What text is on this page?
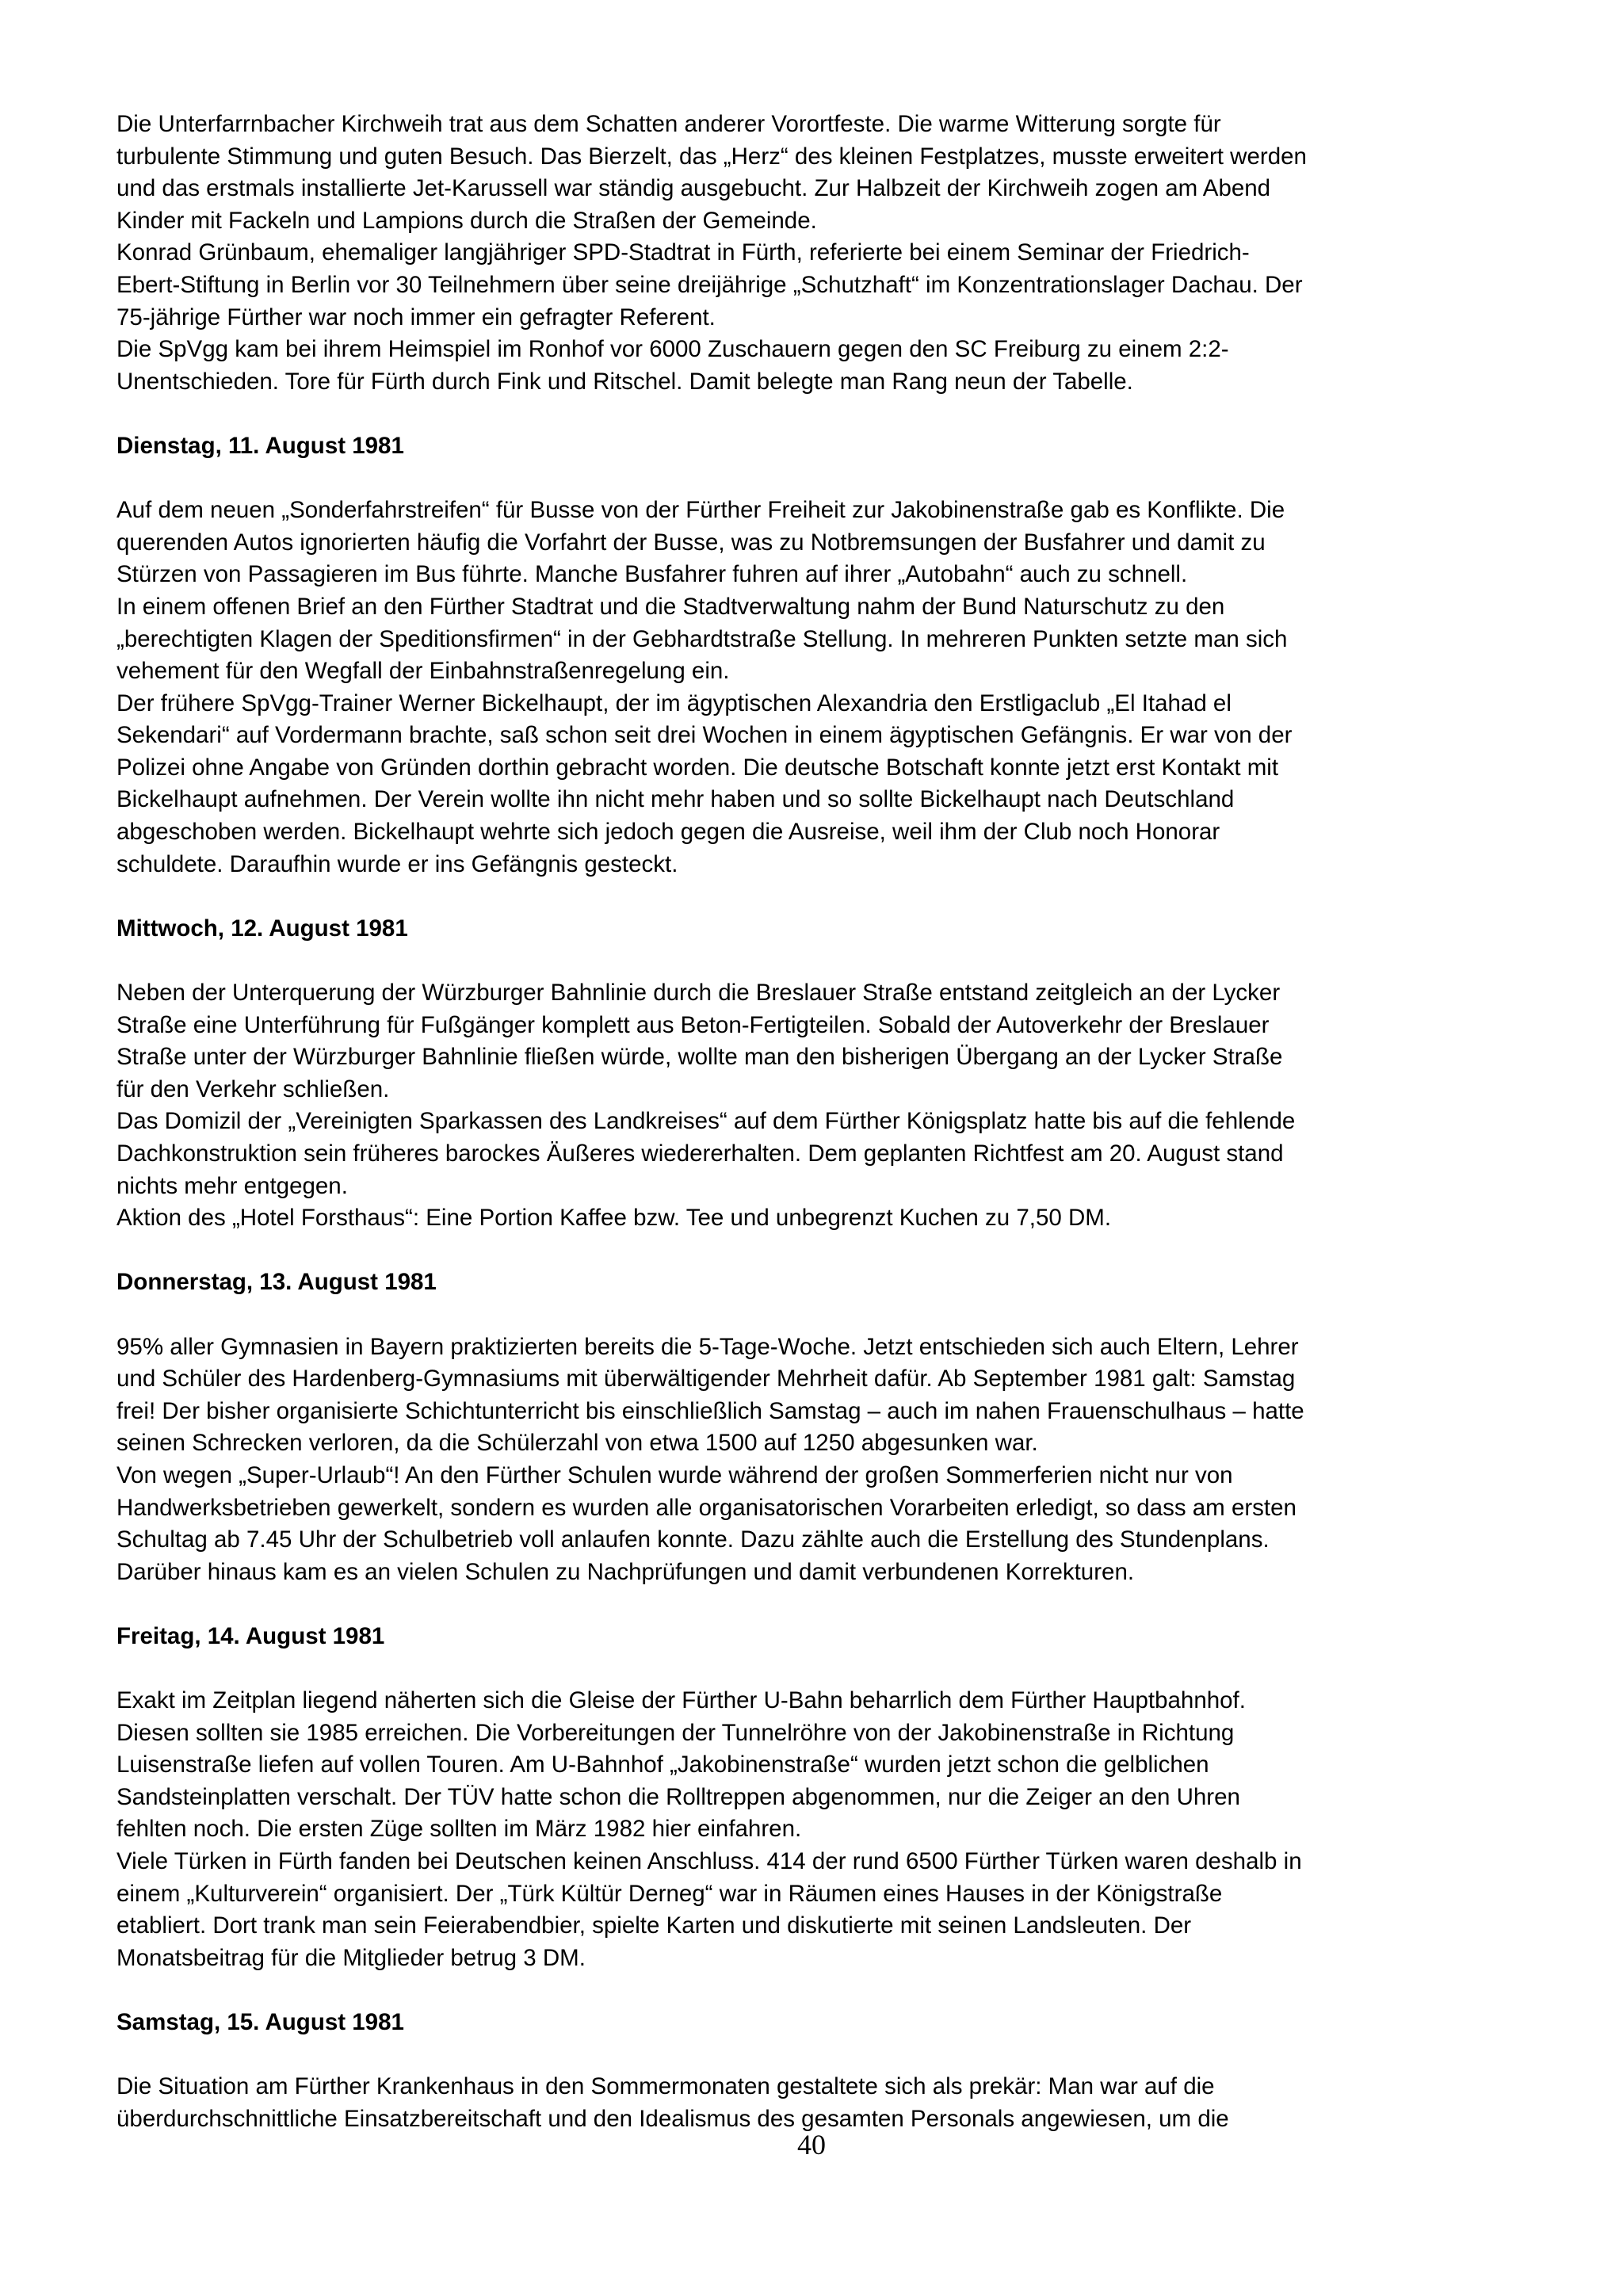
Die Unterfarrnbacher Kirchweih trat aus dem Schatten anderer Vorortfeste. Die warme Witterung sorgte für
turbulente Stimmung und guten Besuch. Das Bierzelt, das „Herz“ des kleinen Festplatzes, musste erweitert werden
und das erstmals installierte Jet-Karussell war ständig ausgebucht. Zur Halbzeit der Kirchweih zogen am Abend
Kinder mit Fackeln und Lampions durch die Straßen der Gemeinde.
Konrad Grünbaum, ehemaliger langjähriger SPD-Stadtrat in Fürth, referierte bei einem Seminar der Friedrich-
Ebert-Stiftung in Berlin vor 30 Teilnehmern über seine dreijährige „Schutzhaft“ im Konzentrationslager Dachau. Der
75-jährige Fürther war noch immer ein gefragter Referent.
Die SpVgg kam bei ihrem Heimspiel im Ronhof vor 6000 Zuschauern gegen den SC Freiburg zu einem 2:2-
Unentschieden. Tore für Fürth durch Fink und Ritschel. Damit belegte man Rang neun der Tabelle.
Dienstag, 11. August 1981
Auf dem neuen „Sonderfahrstreifen“ für Busse von der Fürther Freiheit zur Jakobinenstraße gab es Konflikte. Die
querenden Autos ignorierten häufig die Vorfahrt der Busse, was zu Notbremsungen der Busfahrer und damit zu
Stürzen von Passagieren im Bus führte. Manche Busfahrer fuhren auf ihrer „Autobahn“ auch zu schnell.
In einem offenen Brief an den Fürther Stadtrat und die Stadtverwaltung nahm der Bund Naturschutz zu den
„berechtigten Klagen der Speditionsfirmen“ in der Gebhardtstraße Stellung. In mehreren Punkten setzte man sich
vehement für den Wegfall der Einbahnstraßenregelung ein.
Der frühere SpVgg-Trainer Werner Bickelhaupt, der im ägyptischen Alexandria den Erstligaclub „El Itahad el
Sekendari“ auf Vordermann brachte, saß schon seit drei Wochen in einem ägyptischen Gefängnis. Er war von der
Polizei ohne Angabe von Gründen dorthin gebracht worden. Die deutsche Botschaft konnte jetzt erst Kontakt mit
Bickelhaupt aufnehmen. Der Verein wollte ihn nicht mehr haben und so sollte Bickelhaupt nach Deutschland
abgeschoben werden. Bickelhaupt wehrte sich jedoch gegen die Ausreise, weil ihm der Club noch Honorar
schuldete. Daraufhin wurde er ins Gefängnis gesteckt.
Mittwoch, 12. August 1981
Neben der Unterquerung der Würzburger Bahnlinie durch die Breslauer Straße entstand zeitgleich an der Lycker
Straße eine Unterführung für Fußgänger komplett aus Beton-Fertigteilen. Sobald der Autoverkehr der Breslauer
Straße unter der Würzburger Bahnlinie fließen würde, wollte man den bisherigen Übergang an der Lycker Straße
für den Verkehr schließen.
Das Domizil der „Vereinigten Sparkassen des Landkreises“ auf dem Fürther Königsplatz hatte bis auf die fehlende
Dachkonstruktion sein früheres barockes Äußeres wiedererhalten. Dem geplanten Richtfest am 20. August stand
nichts mehr entgegen.
Aktion des „Hotel Forsthaus“: Eine Portion Kaffee bzw. Tee und unbegrenzt Kuchen zu 7,50 DM.
Donnerstag, 13. August 1981
95% aller Gymnasien in Bayern praktizierten bereits die 5-Tage-Woche. Jetzt entschieden sich auch Eltern, Lehrer
und Schüler des Hardenberg-Gymnasiums mit überwältigender Mehrheit dafür. Ab September 1981 galt: Samstag
frei! Der bisher organisierte Schichtunterricht bis einschließlich Samstag – auch im nahen Frauenschulhaus – hatte
seinen Schrecken verloren, da die Schülerzahl von etwa 1500 auf 1250 abgesunken war.
Von wegen „Super-Urlaub“! An den Fürther Schulen wurde während der großen Sommerferien nicht nur von
Handwerksbetrieben gewerkelt, sondern es wurden alle organisatorischen Vorarbeiten erledigt, so dass am ersten
Schultag ab 7.45 Uhr der Schulbetrieb voll anlaufen konnte. Dazu zählte auch die Erstellung des Stundenplans.
Darüber hinaus kam es an vielen Schulen zu Nachprüfungen und damit verbundenen Korrekturen.
Freitag, 14. August 1981
Exakt im Zeitplan liegend näherten sich die Gleise der Fürther U-Bahn beharrlich dem Fürther Hauptbahnhof.
Diesen sollten sie 1985 erreichen. Die Vorbereitungen der Tunnelröhre von der Jakobinenstraße in Richtung
Luisenstraße liefen auf vollen Touren. Am U-Bahnhof „Jakobinenstraße“ wurden jetzt schon die gelblichen
Sandsteinplatten verschalt. Der TÜV hatte schon die Rolltreppen abgenommen, nur die Zeiger an den Uhren
fehlten noch. Die ersten Züge sollten im März 1982 hier einfahren.
Viele Türken in Fürth fanden bei Deutschen keinen Anschluss. 414 der rund 6500 Fürther Türken waren deshalb in
einem „Kulturverein“ organisiert. Der „Türk Kültür Derneg“ war in Räumen eines Hauses in der Königstraße
etabliert. Dort trank man sein Feierabendbier, spielte Karten und diskutierte mit seinen Landsleuten. Der
Monatsbeitrag für die Mitglieder betrug 3 DM.
Samstag, 15. August 1981
Die Situation am Fürther Krankenhaus in den Sommermonaten gestaltete sich als prekär: Man war auf die
überdurchschnittliche Einsatzbereitschaft und den Idealismus des gesamten Personals angewiesen, um die
40
